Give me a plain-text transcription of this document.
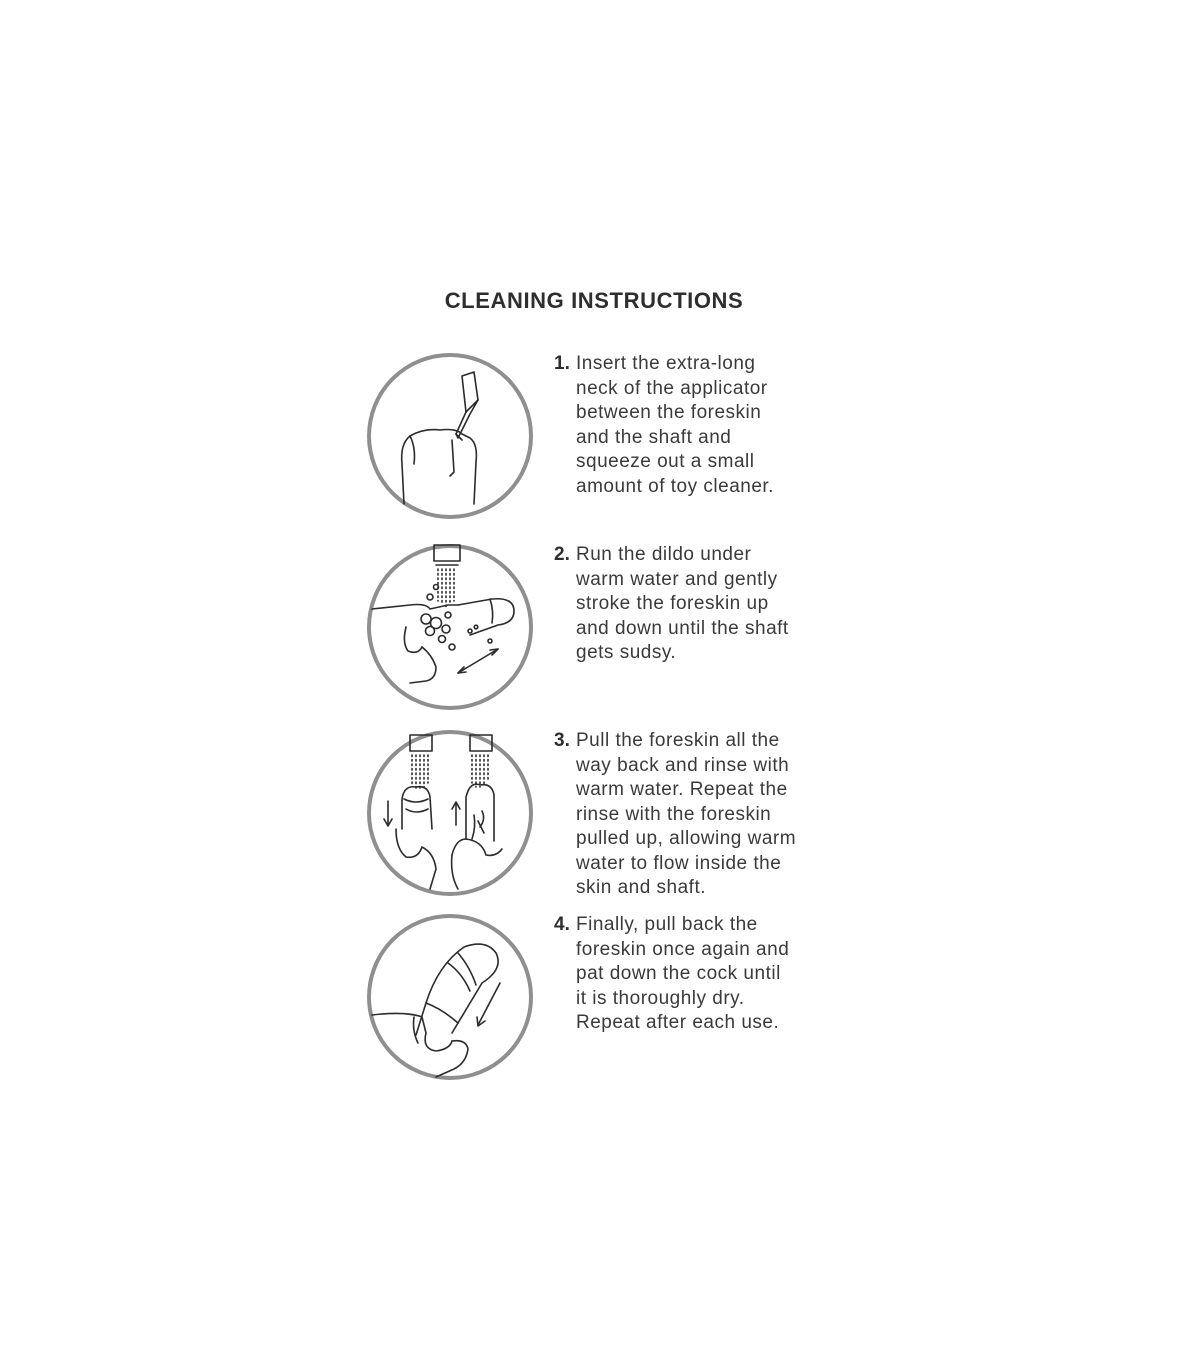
CLEANING INSTRUCTIONS
1. Insert the extra-long
neck of the applicator
between the foreskin
and the shaft and
squeeze out a small
amount of toy cleaner.
2. Run the dildo under
warm water and gently
stroke the foreskin up
and down until the shaft
gets sudsy.
3. Pull the foreskin all the
way back and rinse with
warm water. Repeat the
rinse with the foreskin
pulled up, allowing warm
water to flow inside the
skin and shaft.
4. Finally, pull back the
foreskin once again and
pat down the cock until
it is thoroughly dry.
Repeat after each use.
